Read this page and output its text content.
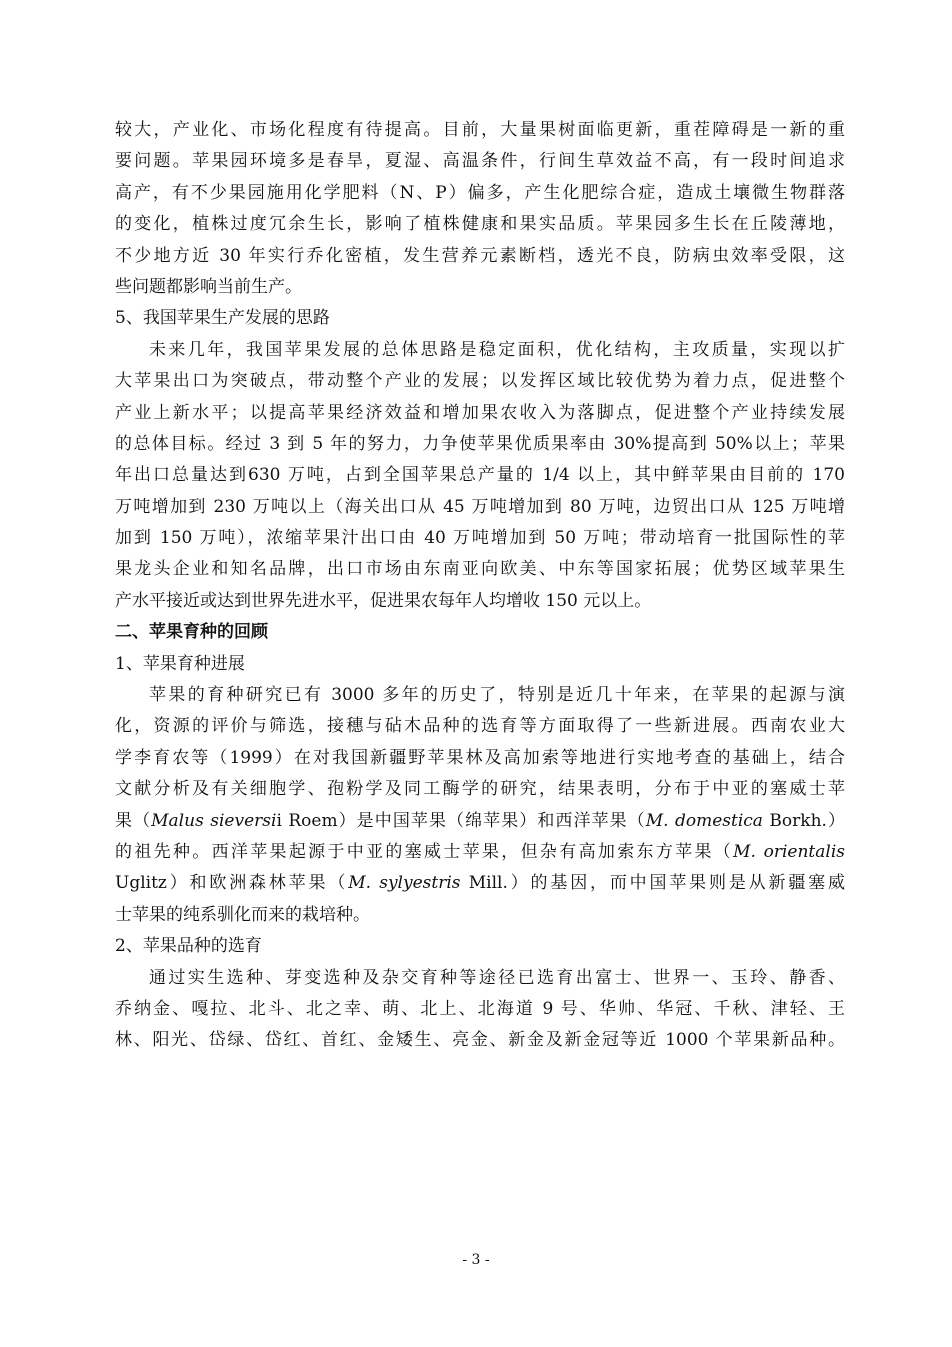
较大，产业化、市场化程度有待提高。目前，大量果树面临更新，重茬障碍是一新的重
要问题。苹果园环境多是春旱，夏湿、高温条件，行间生草效益不高，有一段时间追求
高产，有不少果园施用化学肥料（N、P）偏多，产生化肥综合症，造成土壤微生物群落
的变化，植株过度冗余生长，影响了植株健康和果实品质。苹果园多生长在丘陵薄地，
不少地方近 30 年实行乔化密植，发生营养元素断档，透光不良，防病虫效率受限，这
些问题都影响当前生产。
5、我国苹果生产发展的思路
未来几年，我国苹果发展的总体思路是稳定面积，优化结构，主攻质量，实现以扩
大苹果出口为突破点，带动整个产业的发展；以发挥区域比较优势为着力点，促进整个
产业上新水平；以提高苹果经济效益和增加果农收入为落脚点，促进整个产业持续发展
的总体目标。经过 3 到 5 年的努力，力争使苹果优质果率由 30%提高到 50%以上；苹果
年出口总量达到630 万吨，占到全国苹果总产量的 1/4 以上，其中鲜苹果由目前的 170
万吨增加到 230 万吨以上（海关出口从 45 万吨增加到 80 万吨，边贸出口从 125 万吨增
加到 150 万吨），浓缩苹果汁出口由 40 万吨增加到 50 万吨；带动培育一批国际性的苹
果龙头企业和知名品牌，出口市场由东南亚向欧美、中东等国家拓展；优势区域苹果生
产水平接近或达到世界先进水平，促进果农每年人均增收 150 元以上。
二、苹果育种的回顾
1、苹果育种进展
苹果的育种研究已有 3000 多年的历史了，特别是近几十年来，在苹果的起源与演
化，资源的评价与筛选，接穗与砧木品种的选育等方面取得了一些新进展。西南农业大
学李育农等（1999）在对我国新疆野苹果林及高加索等地进行实地考查的基础上，结合
文献分析及有关细胞学、孢粉学及同工酶学的研究，结果表明，分布于中亚的塞威士苹
果（Malus sieversii Roem）是中国苹果（绵苹果）和西洋苹果（M. domestica Borkh.）
的祖先种。西洋苹果起源于中亚的塞威士苹果，但杂有高加索东方苹果（M. orientalis
Uglitz）和欧洲森林苹果（M. sylyestris Mill.）的基因，而中国苹果则是从新疆塞威
士苹果的纯系驯化而来的栽培种。
2、苹果品种的选育
通过实生选种、芽变选种及杂交育种等途径已选育出富士、世界一、玉玲、静香、
乔纳金、嘎拉、北斗、北之幸、萌、北上、北海道 9 号、华帅、华冠、千秋、津轻、王
林、阳光、岱绿、岱红、首红、金矮生、亮金、新金及新金冠等近 1000 个苹果新品种。
- 3 -
